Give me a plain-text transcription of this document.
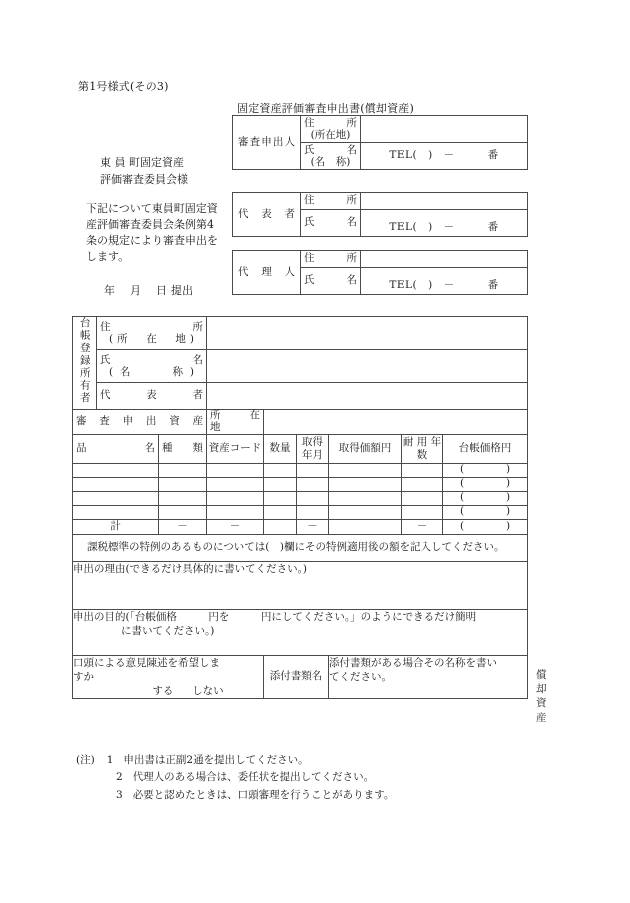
第1号様式(その3)
固定資産評価審査申出書(償却資産)
東 員 町固定資産
評価審査委員会様
下記について東員町固定資産評価審査委員会条例第4条の規定により審査申出をします。
年    月    日 提出
審査申出人	住　　　所
(所在地)	

	氏　　　名
(名　称)	TEL(　)　－　　　番
代　表　者	住　　　所	

	氏　　　名	TEL(　)　－　　　番
代　理　人	住　　　所	

	氏　　　名	TEL(　)　－　　　番
台帳登録所有者	住　　　　　所
(所　在　地)							

	氏　　　　　名
(名　　称)							

	代　　表　　者							

審 査 申 出 資 産			所　在　地					

品　　　名		種　類	資産コード	数量	取得 年月	取得価額円	耐 用 年　数	台帳価格円
								(　　　　)
								(　　　　)
								(　　　　)
								(　　　　)
計		－	－		－		－	(　　　　)

課税標準の特例のあるものについては(　)欄にその特例適用後の額を記入してください。								

申出の理由(できるだけ具体的に書いてください。)								

申出の目的(「台帳価格　　　円を　　　円にしてください。」のようにできるだけ簡明
に書いてください。)								

口頭による意見陳述を希望しま
すか
する しない				添付書類名		添付書類がある場合その名称を書い
てください。			償
却
資
産
(注) 1 申出書は正副2通を提出してください。
2 代理人のある場合は、委任状を提出してください。
3 必要と認めたときは、口頭審理を行うことがあります。
